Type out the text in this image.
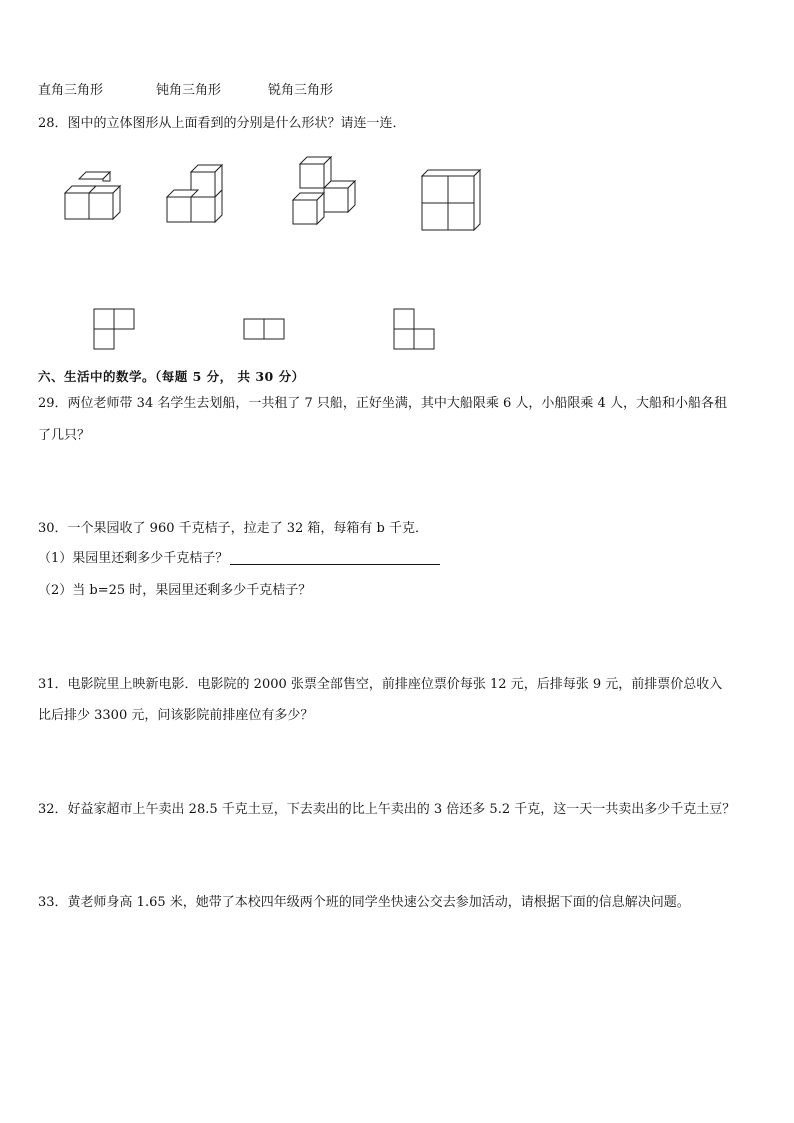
直角三角形	钝角三角形	锐角三角形
28．图中的立体图形从上面看到的分别是什么形状？请连一连．
六、生活中的数学。（每题 5 分， 共 30 分）
29．两位老师带 34 名学生去划船，一共租了 7 只船，正好坐满，其中大船限乘 6 人，小船限乘 4 人，大船和小船各租
了几只？
30．一个果园收了 960 千克桔子，拉走了 32 箱，每箱有 b 千克．
（1）果园里还剩多少千克桔子？
（2）当 b=25 时，果园里还剩多少千克桔子？
31．电影院里上映新电影．电影院的 2000 张票全部售空，前排座位票价每张 12 元，后排每张 9 元，前排票价总收入
比后排少 3300 元，问该影院前排座位有多少？
32．好益家超市上午卖出 28.5 千克土豆，下去卖出的比上午卖出的 3 倍还多 5.2 千克，这一天一共卖出多少千克土豆？
33．黄老师身高 1.65 米，她带了本校四年级两个班的同学坐快速公交去参加活动，请根据下面的信息解决问题。
